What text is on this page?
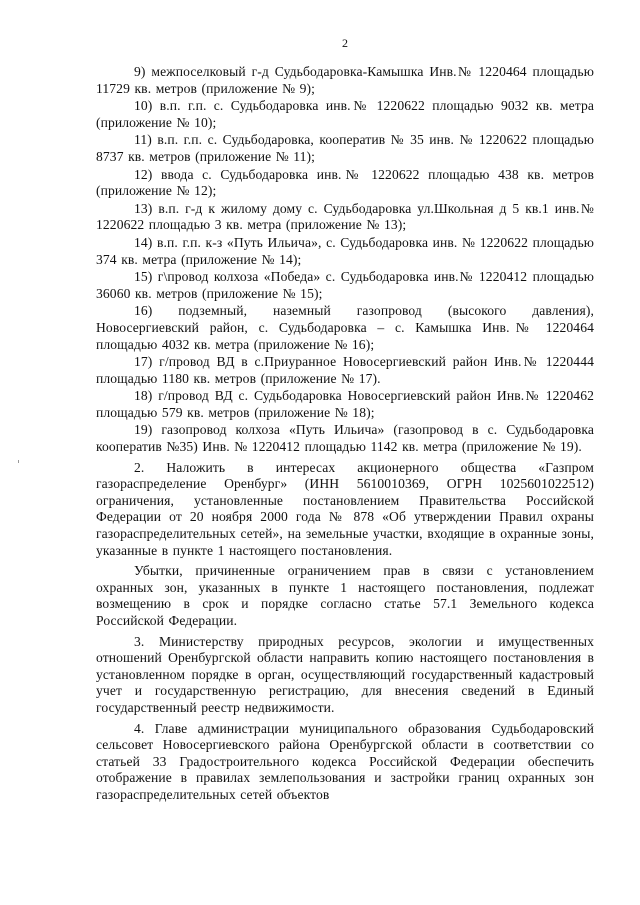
2

9) межпоселковый г-д Судьбодаровка-Камышка Инв.№ 1220464 площадью 11729 кв. метров (приложение № 9);

10) в.п. г.п. с. Судьбодаровка инв.№ 1220622 площадью 9032 кв. метра (приложение № 10);

11) в.п. г.п. с. Судьбодаровка, кооператив № 35 инв. № 1220622 площадью 8737 кв. метров (приложение № 11);

12) ввода с. Судьбодаровка инв.№ 1220622 площадью 438 кв. метров (приложение № 12);

13) в.п. г-д к жилому дому с. Судьбодаровка ул.Школьная д 5 кв.1 инв.№ 1220622 площадью 3 кв. метра (приложение № 13);

14) в.п. г.п. к-з «Путь Ильича», с. Судьбодаровка инв. № 1220622 площадью 374 кв. метра (приложение № 14);

15) г\провод колхоза «Победа» с. Судьбодаровка инв.№ 1220412 площадью 36060 кв. метров (приложение № 15);

16) подземный, наземный газопровод (высокого давления), Новосергиевский район, с. Судьбодаровка – с. Камышка Инв.№ 1220464 площадью 4032 кв. метра (приложение № 16);

17) г/провод ВД в с.Приуранное Новосергиевский район Инв.№ 1220444 площадью 1180 кв. метров (приложение № 17).

18) г/провод ВД с. Судьбодаровка Новосергиевский район Инв.№ 1220462 площадью 579 кв. метров (приложение № 18);

19) газопровод колхоза «Путь Ильича» (газопровод в с. Судьбодаровка кооператив №35) Инв. № 1220412 площадью 1142 кв. метра (приложение № 19).

2. Наложить в интересах акционерного общества «Газпром газораспределение Оренбург» (ИНН 5610010369, ОГРН 1025601022512) ограничения, установленные постановлением Правительства Российской Федерации от 20 ноября 2000 года № 878 «Об утверждении Правил охраны газораспределительных сетей», на земельные участки, входящие в охранные зоны, указанные в пункте 1 настоящего постановления.

Убытки, причиненные ограничением прав в связи с установлением охранных зон, указанных в пункте 1 настоящего постановления, подлежат возмещению в срок и порядке согласно статье 57.1 Земельного кодекса Российской Федерации.

3. Министерству природных ресурсов, экологии и имущественных отношений Оренбургской области направить копию настоящего постановления в установленном порядке в орган, осуществляющий государственный кадастровый учет и государственную регистрацию, для внесения сведений в Единый государственный реестр недвижимости.

4. Главе администрации муниципального образования Судьбодаровский сельсовет Новосергиевского района Оренбургской области в соответствии со статьей 33 Градостроительного кодекса Российской Федерации обеспечить отображение в правилах землепользования и застройки границ охранных зон газораспределительных сетей объектов
